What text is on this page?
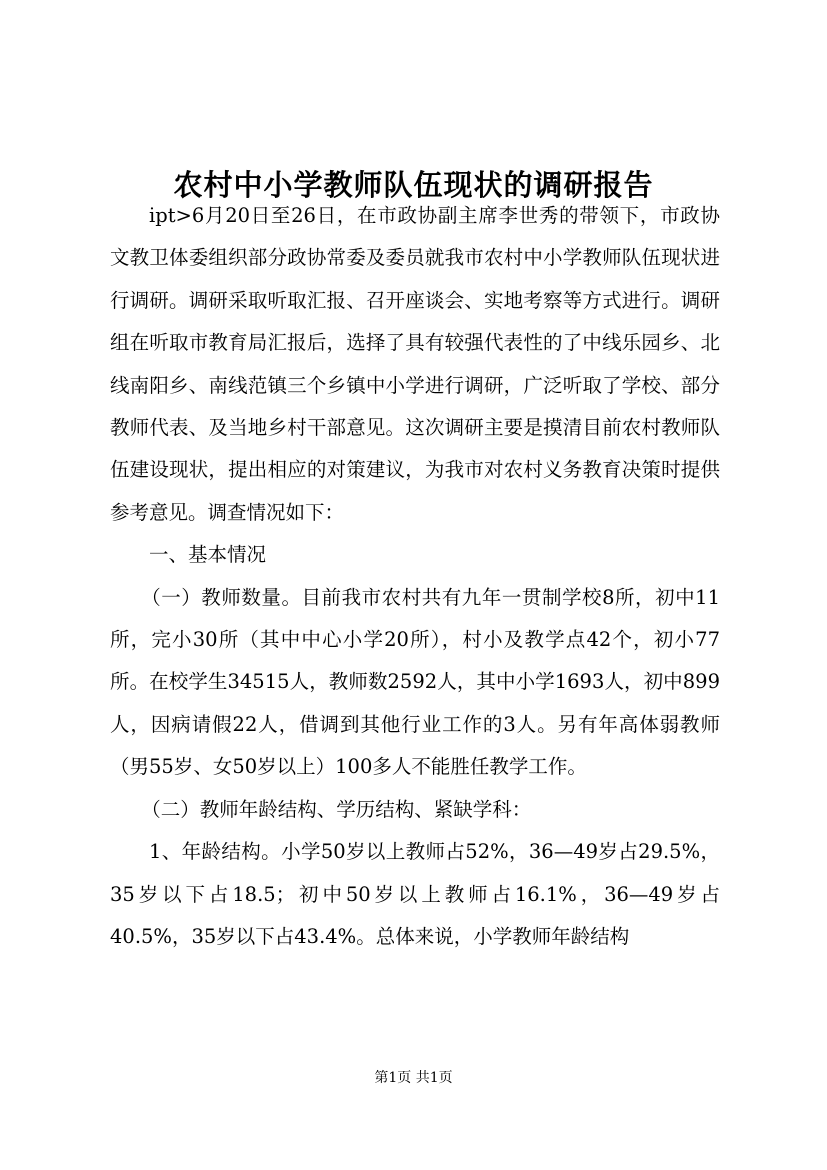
农村中小学教师队伍现状的调研报告

ipt>6月20日至26日，在市政协副主席李世秀的带领下，市政协文教卫体委组织部分政协常委及委员就我市农村中小学教师队伍现状进行调研。调研采取听取汇报、召开座谈会、实地考察等方式进行。调研组在听取市教育局汇报后，选择了具有较强代表性的了中线乐园乡、北线南阳乡、南线范镇三个乡镇中小学进行调研，广泛听取了学校、部分教师代表、及当地乡村干部意见。这次调研主要是摸清目前农村教师队伍建设现状，提出相应的对策建议，为我市对农村义务教育决策时提供参考意见。调查情况如下：

一、基本情况

（一）教师数量。目前我市农村共有九年一贯制学校8所，初中11所，完小30所（其中中心小学20所），村小及教学点42个，初小77所。在校学生34515人，教师数2592人，其中小学1693人，初中899人，因病请假22人，借调到其他行业工作的3人。另有年高体弱教师（男55岁、女50岁以上）100多人不能胜任教学工作。

（二）教师年龄结构、学历结构、紧缺学科：

1、年龄结构。小学50岁以上教师占52%，36—49岁占29.5%，35岁以下占18.5；初中50岁以上教师占16.1%，36—49岁占40.5%，35岁以下占43.4%。总体来说，小学教师年龄结构

第1页 共1页
